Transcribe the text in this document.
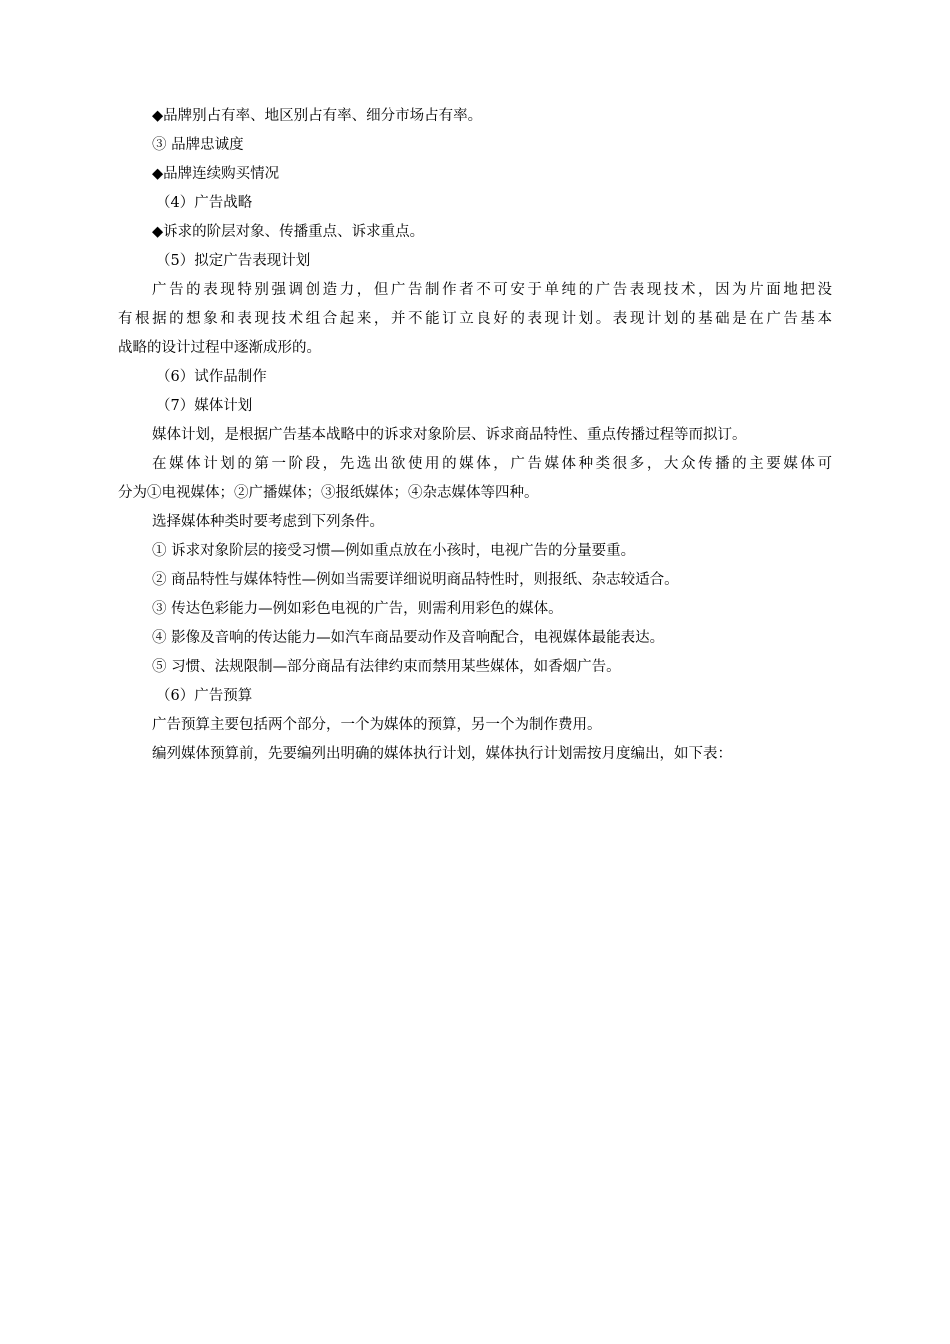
◆品牌别占有率、地区别占有率、细分市场占有率。

③ 品牌忠诚度

◆品牌连续购买情况

（4）广告战略

◆诉求的阶层对象、传播重点、诉求重点。

（5）拟定广告表现计划

广告的表现特别强调创造力，但广告制作者不可安于单纯的广告表现技术，因为片面地把没
有根据的想象和表现技术组合起来，并不能订立良好的表现计划。表现计划的基础是在广告基本
战略的设计过程中逐渐成形的。

（6）试作品制作

（7）媒体计划

媒体计划，是根据广告基本战略中的诉求对象阶层、诉求商品特性、重点传播过程等而拟订。

在媒体计划的第一阶段，先选出欲使用的媒体，广告媒体种类很多，大众传播的主要媒体可
分为①电视媒体；②广播媒体；③报纸媒体；④杂志媒体等四种。

选择媒体种类时要考虑到下列条件。

① 诉求对象阶层的接受习惯—例如重点放在小孩时，电视广告的分量要重。

② 商品特性与媒体特性—例如当需要详细说明商品特性时，则报纸、杂志较适合。

③ 传达色彩能力—例如彩色电视的广告，则需利用彩色的媒体。

④ 影像及音响的传达能力—如汽车商品要动作及音响配合，电视媒体最能表达。

⑤ 习惯、法规限制—部分商品有法律约束而禁用某些媒体，如香烟广告。

（6）广告预算

广告预算主要包括两个部分，一个为媒体的预算，另一个为制作费用。

编列媒体预算前，先要编列出明确的媒体执行计划，媒体执行计划需按月度编出，如下表：
